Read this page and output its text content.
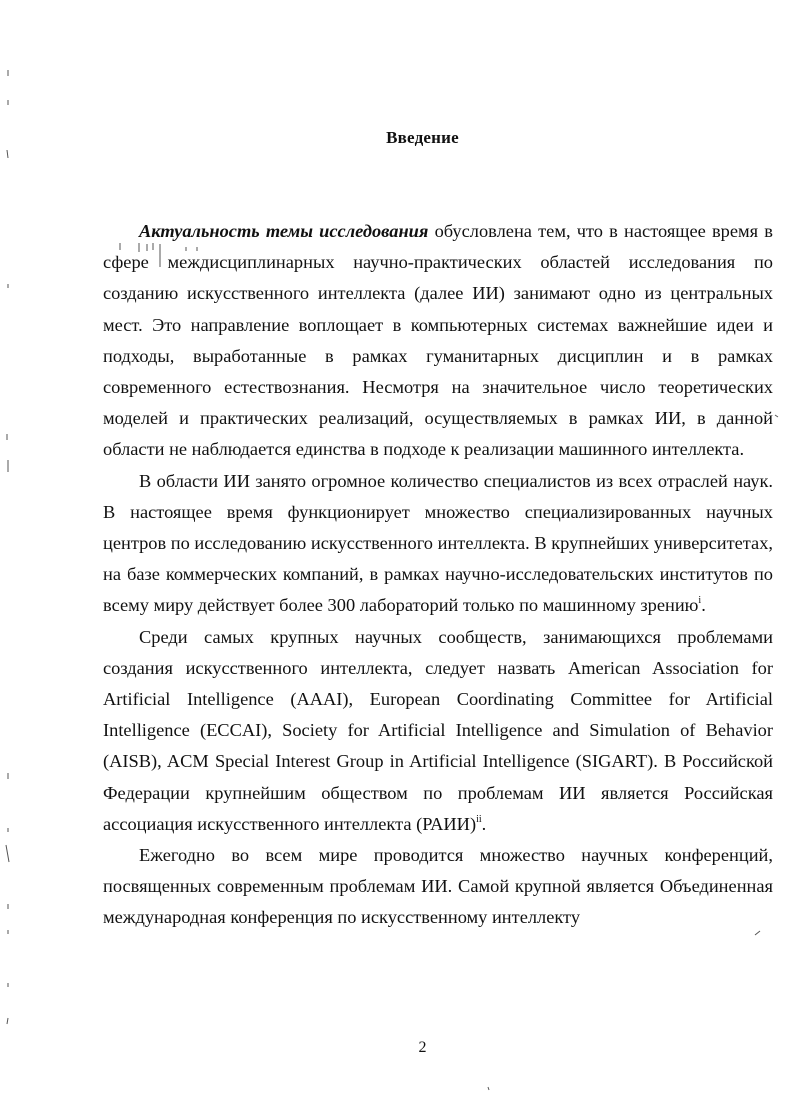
Введение

Актуальность темы исследования обусловлена тем, что в настоящее время в сфере междисциплинарных научно-практических областей исследования по созданию искусственного интеллекта (далее ИИ) занимают одно из центральных мест. Это направление воплощает в компьютерных системах важнейшие идеи и подходы, выработанные в рамках гуманитарных дисциплин и в рамках современного естествознания. Несмотря на значительное число теоретических моделей и практических реализаций, осуществляемых в рамках ИИ, в данной области не наблюдается единства в подходе к реализации машинного интеллекта.

В области ИИ занято огромное количество специалистов из всех отраслей наук. В настоящее время функционирует множество специализированных научных центров по исследованию искусственного интеллекта. В крупнейших университетах, на базе коммерческих компаний, в рамках научно-исследовательских институтов по всему миру действует более 300 лабораторий только по машинному зрению$^i$.

Среди самых крупных научных сообществ, занимающихся проблемами создания искусственного интеллекта, следует назвать American Association for Artificial Intelligence (AAAI), European Coordinating Committee for Artificial Intelligence (ECCAI), Society for Artificial Intelligence and Simulation of Behavior (AISB), ACM Special Interest Group in Artificial Intelligence (SIGART). В Российской Федерации крупнейшим обществом по проблемам ИИ является Российская ассоциация искусственного интеллекта (РАИИ)$^{ii}$.

Ежегодно во всем мире проводится множество научных конференций, посвященных современным проблемам ИИ. Самой крупной является Объединенная международная конференция по искусственному интеллекту

2
